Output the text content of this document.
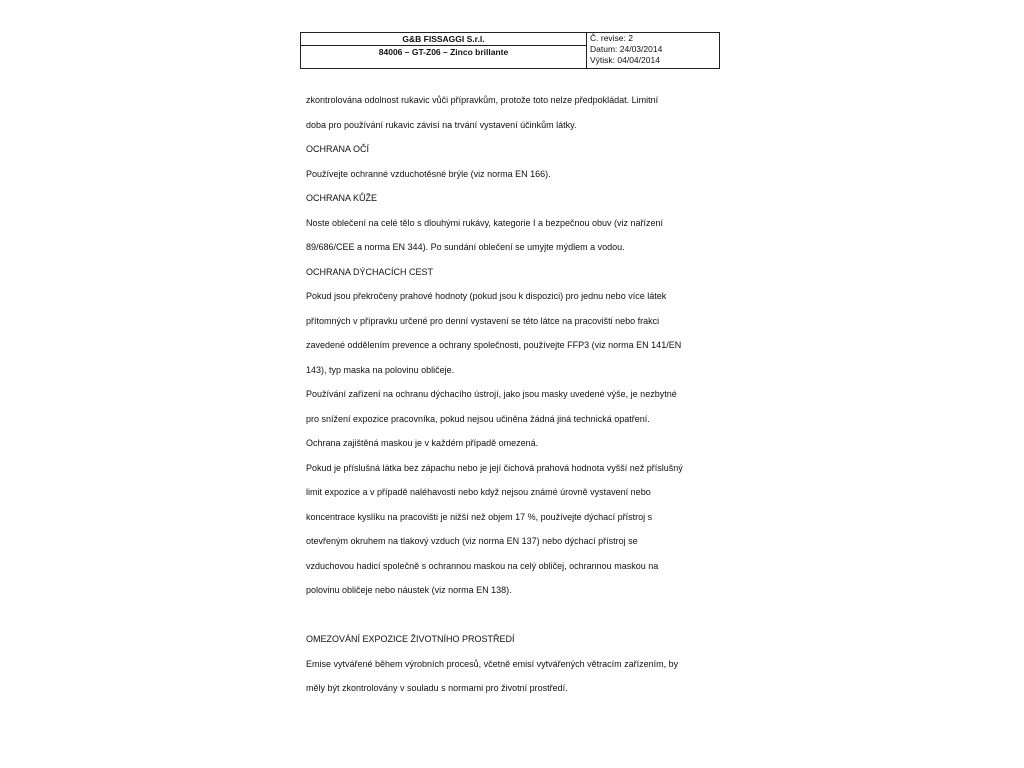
G&B FISSAGGI S.r.l.
84006 – GT-Z06 – Zinco brillante
Č. revise: 2
Datum: 24/03/2014
Výtisk: 04/04/2014
zkontrolována odolnost rukavic vůči přípravkům, protože toto nelze předpokládat. Limitní
doba pro používání rukavic závisí na trvání vystavení účinkům látky.
OCHRANA OČÍ
Používejte ochranné vzduchotěsné brýle (viz norma EN 166).
OCHRANA KŮŽE
Noste oblečení na celé tělo s dlouhými rukávy, kategorie I a bezpečnou obuv (viz nařízení
89/686/CEE a norma EN 344). Po sundání oblečení se umyjte mýdlem a vodou.
OCHRANA DÝCHACÍCH CEST
Pokud jsou překročeny prahové hodnoty (pokud jsou k dispozici) pro jednu nebo více látek
přítomných v přípravku určené pro denní vystavení se této látce na pracovišti nebo frakci
zavedené oddělením prevence a ochrany společnosti, používejte FFP3 (viz norma EN 141/EN
143), typ maska na polovinu obličeje.
Používání zařízení na ochranu dýchacího ústrojí, jako jsou masky uvedené výše, je nezbytné
pro snížení expozice pracovníka, pokud nejsou učiněna žádná jiná technická opatření.
Ochrana zajištěná maskou je v každém případě omezená.
Pokud je příslušná látka bez zápachu nebo je její čichová prahová hodnota vyšší než příslušný
limit expozice a v případě naléhavosti nebo když nejsou známé úrovně vystavení nebo
koncentrace kyslíku na pracovišti je nižší než objem 17 %, používejte dýchací přístroj s
otevřeným okruhem na tlakový vzduch (viz norma EN 137) nebo dýchací přístroj se
vzduchovou hadicí společně s ochrannou maskou na celý obličej, ochrannou maskou na
polovinu obličeje nebo náustek (viz norma EN 138).
OMEZOVÁNÍ EXPOZICE ŽIVOTNÍHO PROSTŘEDÍ
Emise vytvářené během výrobních procesů, včetně emisí vytvářených větracím zařízením, by
měly být zkontrolovány v souladu s normami pro životní prostředí.
